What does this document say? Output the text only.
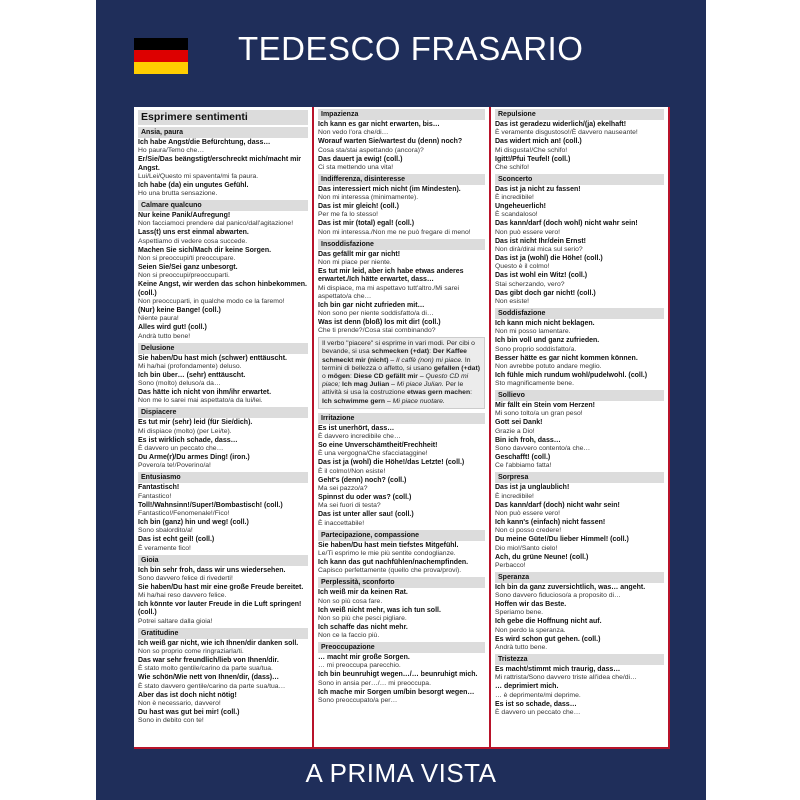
TEDESCO FRASARIO
Esprimere sentimenti
Ansia, paura
Ich habe Angst/die Befürchtung, dass…
Ho paura/Temo che…
Er/Sie/Das beängstigt/erschreckt mich/macht mir Angst.
Lui/Lei/Questo mi spaventa/mi fa paura.
Ich habe (da) ein ungutes Gefühl.
Ho una brutta sensazione.
Calmare qualcuno
Nur keine Panik/Aufregung!
Non facciamoci prendere dal panico/dall'agitazione!
Lass(t) uns erst einmal abwarten.
Aspettiamo di vedere cosa succede.
Machen Sie sich/Mach dir keine Sorgen.
Non si preoccupi/ti preoccupare.
Seien Sie/Sei ganz unbesorgt.
Non si preoccupi/preoccuparti.
Keine Angst, wir werden das schon hinbekommen. (coll.)
Non preoccuparti, in qualche modo ce la faremo!
(Nur) keine Bange! (coll.)
Niente paura!
Alles wird gut! (coll.)
Andrà tutto bene!
Delusione
Sie haben/Du hast mich (schwer) enttäuscht.
Mi ha/hai (profondamente) deluso.
Ich bin über… (sehr) enttäuscht.
Sono (molto) deluso/a da…
Das hätte ich nicht von ihm/ihr erwartet.
Non me lo sarei mai aspettato/a da lui/lei.
Dispiacere
Es tut mir (sehr) leid (für Sie/dich).
Mi dispiace (molto) (per Lei/te).
Es ist wirklich schade, dass…
È davvero un peccato che…
Du Arme(r)/Du armes Ding! (iron.)
Povero/a te!/Poverino/a!
Entusiasmo
Fantastisch!
Fantastico!
Toll!/Wahnsinn!/Super!/Bombastisch! (coll.)
Fantastico!/Fenomenale!/Fico!
Ich bin (ganz) hin und weg! (coll.)
Sono sbalordito/a!
Das ist echt geil! (coll.)
È veramente fico!
Gioia
Ich bin sehr froh, dass wir uns wiedersehen.
Sono davvero felice di rivederti!
Sie haben/Du hast mir eine große Freude bereitet.
Mi ha/hai reso davvero felice.
Ich könnte vor lauter Freude in die Luft springen! (coll.)
Potrei saltare dalla gioia!
Gratitudine
Ich weiß gar nicht, wie ich Ihnen/dir danken soll.
Non so proprio come ringraziarla/ti.
Das war sehr freundlich/lieb von Ihnen/dir.
È stato molto gentile/carino da parte sua/tua.
Wie schön/Wie nett von Ihnen/dir, (dass)…
È stato davvero gentile/carino da parte sua/tua…
Aber das ist doch nicht nötig!
Non è necessario, davvero!
Du hast was gut bei mir! (coll.)
Sono in debito con te!
Impazienza
Ich kann es gar nicht erwarten, bis…
Non vedo l'ora che/di…
Worauf warten Sie/wartest du (denn) noch?
Cosa sta/stai aspettando (ancora)?
Das dauert ja ewig! (coll.)
Ci sta mettendo una vita!
Indifferenza, disinteresse
Das interessiert mich nicht (im Mindesten).
Non mi interessa (minimamente).
Das ist mir gleich! (coll.)
Per me fa lo stesso!
Das ist mir (total) egal! (coll.)
Non mi interessa./Non me ne può fregare di meno!
Insoddisfazione
Das gefällt mir gar nicht!
Non mi piace per niente.
Es tut mir leid, aber ich habe etwas anderes erwartet./Ich hätte erwartet, dass…
Mi dispiace, ma mi aspettavo tutt'altro./Mi sarei aspettato/a che…
Ich bin gar nicht zufrieden mit…
Non sono per niente soddisfatto/a di…
Was ist denn (bloß) los mit dir! (coll.)
Che ti prende?/Cosa stai combinando?
Il verbo "piacere" si esprime in vari modi. Per cibi o bevande, si usa schmecken (+dat): Der Kaffee schmeckt mir (nicht) – Il caffè (non) mi piace. In termini di bellezza o affetto, si usano gefallen (+dat) o mögen: Diese CD gefällt mir – Questo CD mi piace; Ich mag Julian – Mi piace Julian. Per le attività si usa la costruzione etwas gern machen: Ich schwimme gern – Mi piace nuotare.
Irritazione
Es ist unerhört, dass…
È davvero incredibile che…
So eine Unverschämtheit/Frechheit!
È una vergogna/Che sfacciataggine!
Das ist ja (wohl) die Höhe!/das Letzte! (coll.)
È il colmo!/Non esiste!
Geht's (denn) noch? (coll.)
Ma sei pazzo/a?
Spinnst du oder was? (coll.)
Ma sei fuori di testa?
Das ist unter aller sau! (coll.)
È inaccettabile!
Partecipazione, compassione
Sie haben/Du hast mein tiefstes Mitgefühl.
Le/Ti esprimo le mie più sentite condoglianze.
Ich kann das gut nachfühlen/nachempfinden.
Capisco perfettamente (quello che prova/provi).
Perplessità, sconforto
Ich weiß mir da keinen Rat.
Non so più cosa fare.
Ich weiß nicht mehr, was ich tun soll.
Non so più che pesci pigliare.
Ich schaffe das nicht mehr.
Non ce la faccio più.
Preoccupazione
… macht mir große Sorgen.
… mi preoccupa parecchio.
Ich bin beunruhigt wegen…/… beunruhigt mich.
Sono in ansia per…/… mi preoccupa.
Ich mache mir Sorgen um/bin besorgt wegen…
Sono preoccupato/a per…
Repulsione
Das ist geradezu widerlich/(ja) ekelhaft!
È veramente disgustoso!/È davvero nauseante!
Das widert mich an! (coll.)
Mi disgusta!/Che schifo!
Igitt!/Pfui Teufel! (coll.)
Che schifo!
Sconcerto
Das ist ja nicht zu fassen!
È incredibile!
Ungeheuerlich!
È scandaloso!
Das kann/darf (doch wohl) nicht wahr sein!
Non può essere vero!
Das ist nicht Ihr/dein Ernst!
Non dirà/dirai mica sul serio?
Das ist ja (wohl) die Höhe! (coll.)
Questo è il colmo!
Das ist wohl ein Witz! (coll.)
Stai scherzando, vero?
Das gibt doch gar nicht! (coll.)
Non esiste!
Soddisfazione
Ich kann mich nicht beklagen.
Non mi posso lamentare.
Ich bin voll und ganz zufrieden.
Sono proprio soddisfatto/a.
Besser hätte es gar nicht kommen können.
Non avrebbe potuto andare meglio.
Ich fühle mich rundum wohl/pudelwohl. (coll.)
Sto magnificamente bene.
Sollievo
Mir fällt ein Stein vom Herzen!
Mi sono tolto/a un gran peso!
Gott sei Dank!
Grazie a Dio!
Bin ich froh, dass…
Sono davvero contento/a che…
Geschafft! (coll.)
Ce l'abbiamo fatta!
Sorpresa
Das ist ja unglaublich!
È incredibile!
Das kann/darf (doch) nicht wahr sein!
Non può essere vero!
Ich kann's (einfach) nicht fassen!
Non ci posso credere!
Du meine Güte!/Du lieber Himmel! (coll.)
Dio mio!/Santo cielo!
Ach, du grüne Neune! (coll.)
Perbacco!
Speranza
Ich bin da ganz zuversichtlich, was… angeht.
Sono davvero fiducioso/a a proposito di…
Hoffen wir das Beste.
Speriamo bene.
Ich gebe die Hoffnung nicht auf.
Non perdo la speranza.
Es wird schon gut gehen. (coll.)
Andrà tutto bene.
Tristezza
Es macht/stimmt mich traurig, dass…
Mi rattrista/Sono davvero triste all'idea che/di…
… deprimiert mich.
… è deprimente/mi deprime.
Es ist so schade, dass…
È davvero un peccato che…
A PRIMA VISTA
